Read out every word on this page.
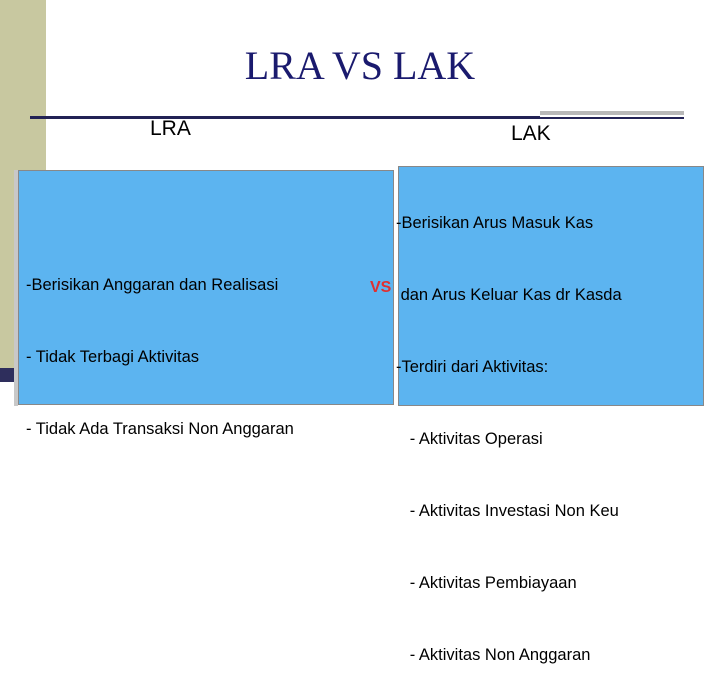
LRA VS LAK
LRA	LAK

-Berisikan Anggaran dan Realisasi

- Tidak Terbagi Aktivitas

- Tidak Ada Transaksi Non Anggaran

VS

-Berisikan Arus Masuk Kas

dan Arus Keluar Kas dr Kasda

-Terdiri dari Aktivitas:

- Aktivitas Operasi

- Aktivitas Investasi Non Keu

- Aktivitas Pembiayaan

- Aktivitas Non Anggaran
